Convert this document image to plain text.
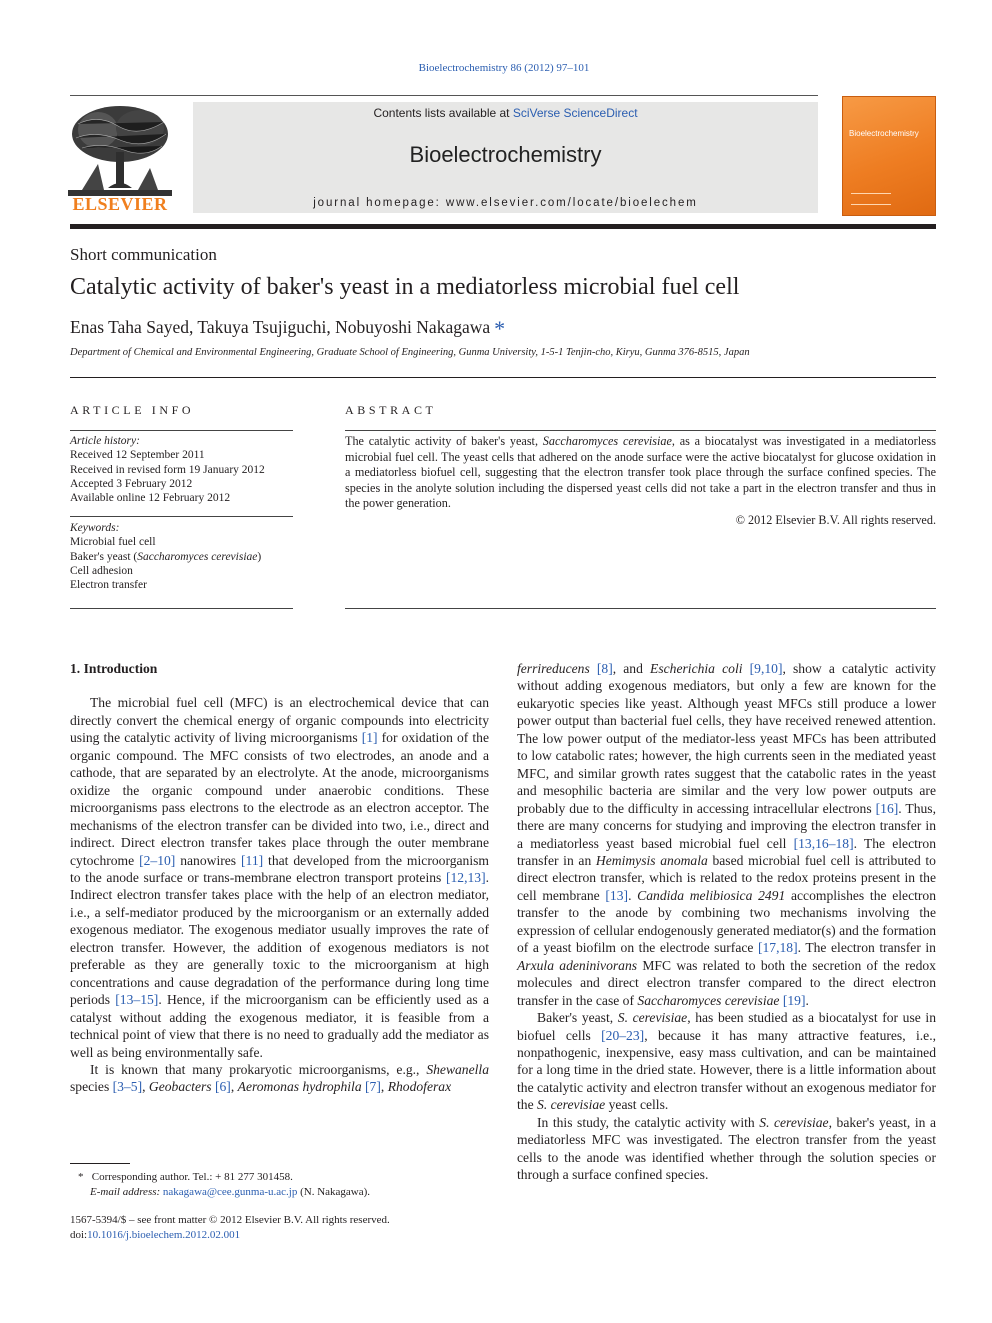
Bioelectrochemistry 86 (2012) 97–101
ELSEVIER
Contents lists available at SciVerse ScienceDirect
Bioelectrochemistry
journal homepage: www.elsevier.com/locate/bioelechem
Bioelectrochemistry
Short communication
Catalytic activity of baker's yeast in a mediatorless microbial fuel cell
Enas Taha Sayed, Takuya Tsujiguchi, Nobuyoshi Nakagawa *
Department of Chemical and Environmental Engineering, Graduate School of Engineering, Gunma University, 1-5-1 Tenjin-cho, Kiryu, Gunma 376-8515, Japan
ARTICLE INFO
Article history:
Received 12 September 2011
Received in revised form 19 January 2012
Accepted 3 February 2012
Available online 12 February 2012
Keywords:
Microbial fuel cell
Baker's yeast (Saccharomyces cerevisiae)
Cell adhesion
Electron transfer
ABSTRACT
The catalytic activity of baker's yeast, Saccharomyces cerevisiae, as a biocatalyst was investigated in a mediatorless microbial fuel cell. The yeast cells that adhered on the anode surface were the active biocatalyst for glucose oxidation in a mediatorless biofuel cell, suggesting that the electron transfer took place through the surface confined species. The species in the anolyte solution including the dispersed yeast cells did not take a part in the electron transfer and thus in the power generation.
© 2012 Elsevier B.V. All rights reserved.

1. Introduction

The microbial fuel cell (MFC) is an electrochemical device that can directly convert the chemical energy of organic compounds into electricity using the catalytic activity of living microorganisms [1] for oxidation of the organic compound. The MFC consists of two electrodes, an anode and a cathode, that are separated by an electrolyte. At the anode, microorganisms oxidize the organic compound under anaerobic conditions. These microorganisms pass electrons to the electrode as an electron acceptor. The mechanisms of the electron transfer can be divided into two, i.e., direct and indirect. Direct electron transfer takes place through the outer membrane cytochrome [2–10] nanowires [11] that developed from the microorganism to the anode surface or trans-membrane electron transport proteins [12,13]. Indirect electron transfer takes place with the help of an electron mediator, i.e., a self-mediator produced by the microorganism or an externally added exogenous mediator. The exogenous mediator usually improves the rate of electron transfer. However, the addition of exogenous mediators is not preferable as they are generally toxic to the microorganism at high concentrations and cause degradation of the performance during long time periods [13–15]. Hence, if the microorganism can be efficiently used as a catalyst without adding the exogenous mediator, it is feasible from a technical point of view that there is no need to gradually add the mediator as well as being environmentally safe.

It is known that many prokaryotic microorganisms, e.g., Shewanella species [3–5], Geobacters [6], Aeromonas hydrophila [7], Rhodoferax

ferrireducens [8], and Escherichia coli [9,10], show a catalytic activity without adding exogenous mediators, but only a few are known for the eukaryotic species like yeast. Although yeast MFCs still produce a lower power output than bacterial fuel cells, they have received renewed attention. The low power output of the mediator-less yeast MFCs has been attributed to low catabolic rates; however, the high currents seen in the mediated yeast MFC, and similar growth rates suggest that the catabolic rates in the yeast and mesophilic bacteria are similar and the very low power outputs are probably due to the difficulty in accessing intracellular electrons [16]. Thus, there are many concerns for studying and improving the electron transfer in a mediatorless yeast based microbial fuel cell [13,16–18]. The electron transfer in an Hemimysis anomala based microbial fuel cell is attributed to direct electron transfer, which is related to the redox proteins present in the cell membrane [13]. Candida melibiosica 2491 accomplishes the electron transfer to the anode by combining two mechanisms involving the expression of cellular endogenously generated mediator(s) and the formation of a yeast biofilm on the electrode surface [17,18]. The electron transfer in Arxula adeninivorans MFC was related to both the secretion of the redox molecules and direct electron transfer compared to the direct electron transfer in the case of Saccharomyces cerevisiae [19].

Baker's yeast, S. cerevisiae, has been studied as a biocatalyst for use in biofuel cells [20–23], because it has many attractive features, i.e., nonpathogenic, inexpensive, easy mass cultivation, and can be maintained for a long time in the dried state. However, there is a little information about the catalytic activity and electron transfer without an exogenous mediator for the S. cerevisiae yeast cells.

In this study, the catalytic activity with S. cerevisiae, baker's yeast, in a mediatorless MFC was investigated. The electron transfer from the yeast cells to the anode was identified whether through the solution species or through a surface confined species.

* Corresponding author. Tel.: + 81 277 301458.
E-mail address: nakagawa@cee.gunma-u.ac.jp (N. Nakagawa).
1567-5394/$ – see front matter © 2012 Elsevier B.V. All rights reserved.
doi:10.1016/j.bioelechem.2012.02.001
